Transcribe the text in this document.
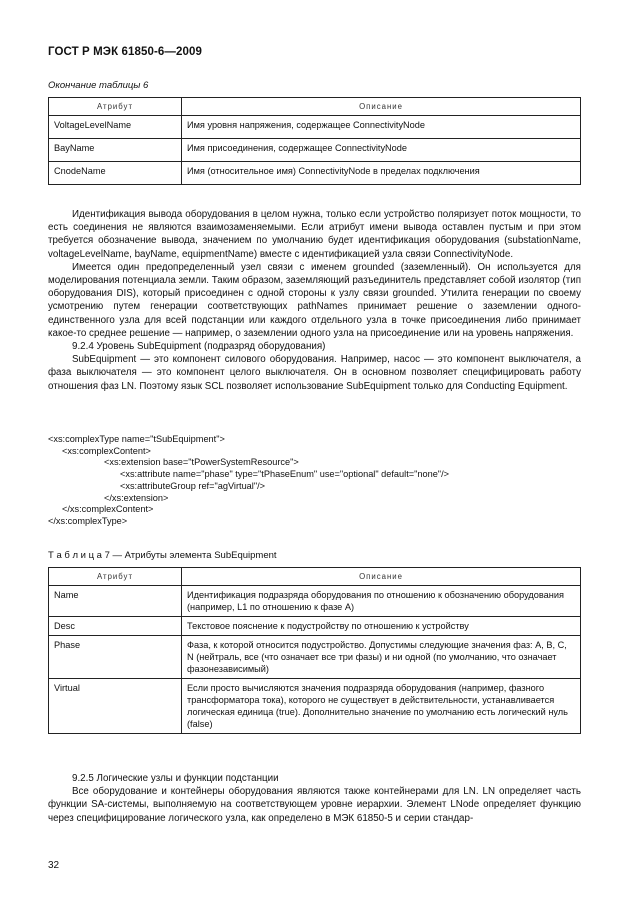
ГОСТ Р МЭК 61850-6—2009
Окончание таблицы 6
Атрибут	Описание
VoltageLevelName	Имя уровня напряжения, содержащее ConnectivityNode
BayName	Имя присоединения, содержащее ConnectivityNode
CnodeName	Имя (относительное имя) ConnectivityNode в пределах подключения

Идентификация вывода оборудования в целом нужна, только если устройство поляризует поток мощности, то есть соединения не являются взаимозаменяемыми. Если атрибут имени вывода оставлен пустым и при этом требуется обозначение вывода, значением по умолчанию будет идентификация оборудования (substationName, voltageLevelName, bayName, equipmentName) вместе с идентификацией узла связи ConnectivityNode.

Имеется один предопределенный узел связи с именем grounded (заземленный). Он используется для моделирования потенциала земли. Таким образом, заземляющий разъединитель представляет собой изолятор (тип оборудования DIS), который присоединен с одной стороны к узлу связи grounded. Утилита генерации по своему усмотрению путем генерации соответствующих pathNames принимает решение о заземлении одного-единственного узла для всей подстанции или каждого отдельного узла в точке присоединения либо принимает какое-то среднее решение — например, о заземлении одного узла на присоединение или на уровень напряжения.

9.2.4 Уровень SubEquipment (подразряд оборудования)

SubEquipment — это компонент силового оборудования. Например, насос — это компонент выключателя, а фаза выключателя — это компонент целого выключателя. Он в основном позволяет специфицировать работу отношения фаз LN. Поэтому язык SCL позволяет использование SubEquipment только для Conducting Equipment.

<xs:complexType name="tSubEquipment">
<xs:complexContent>
<xs:extension base="tPowerSystemResource">
<xs:attribute name="phase" type="tPhaseEnum" use="optional" default="none"/>
<xs:attributeGroup ref="agVirtual"/>
</xs:extension>
</xs:complexContent>
</xs:complexType>
Т а б л и ц а 7 — Атрибуты элемента SubEquipment
Атрибут	Описание
Name	Идентификация подразряда оборудования по отношению к обозначению оборудования (например, L1 по отношению к фазе A)
Desc	Текстовое пояснение к подустройству по отношению к устройству
Phase	Фаза, к которой относится подустройство. Допустимы следующие значения фаз: A, B, C, N (нейтраль, все (что означает все три фазы) и ни одной (по умолчанию, что означает фазонезависимый)
Virtual	Если просто вычисляются значения подразряда оборудования (например, фазного трансформатора тока), которого не существует в действительности, устанавливается логическая единица (true). Дополнительно значение по умолчанию есть логический нуль (false)

9.2.5 Логические узлы и функции подстанции

Все оборудование и контейнеры оборудования являются также контейнерами для LN. LN определяет часть функции SA-системы, выполняемую на соответствующем уровне иерархии. Элемент LNode определяет функцию через специфицирование логического узла, как определено в МЭК 61850-5 и серии стандар-

32
